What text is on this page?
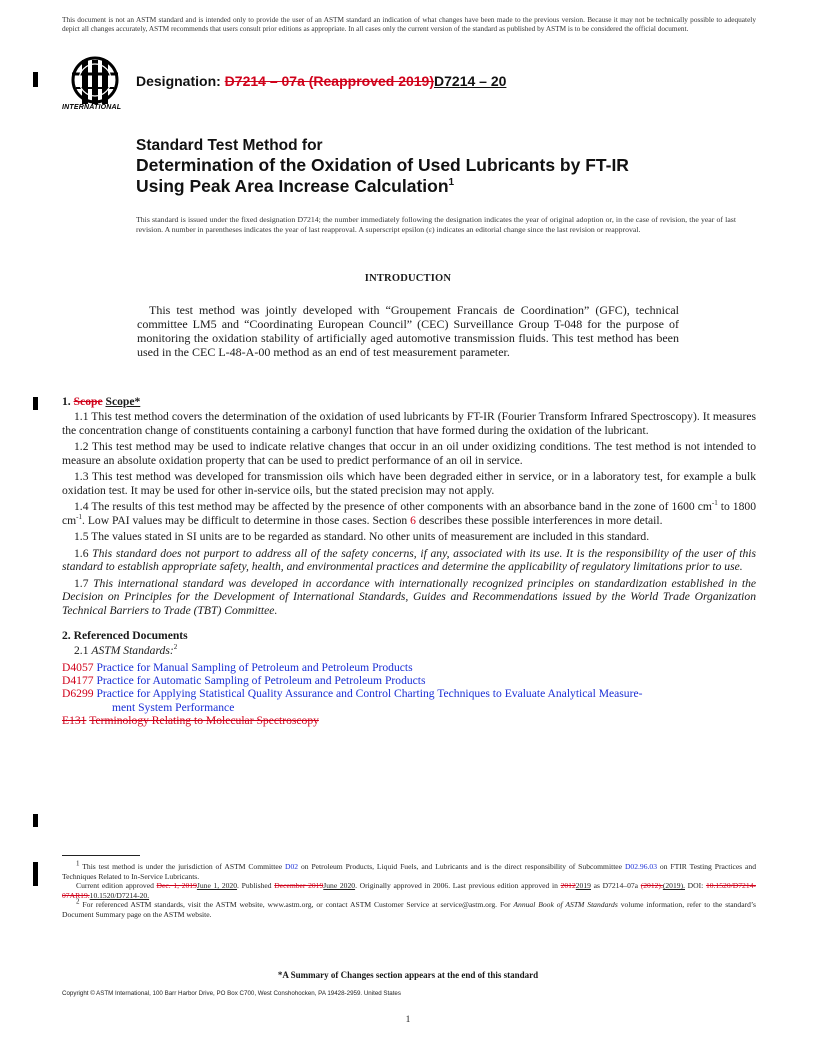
This document is not an ASTM standard and is intended only to provide the user of an ASTM standard an indication of what changes have been made to the previous version. Because it may not be technically possible to adequately depict all changes accurately, ASTM recommends that users consult prior editions as appropriate. In all cases only the current version of the standard as published by ASTM is to be considered the official document.
INTERNATIONAL
Designation: D7214 – 07a (Reapproved 2019)D7214 – 20
Standard Test Method for
Determination of the Oxidation of Used Lubricants by FT-IR
Using Peak Area Increase Calculation$^1$
This standard is issued under the fixed designation D7214; the number immediately following the designation indicates the year of original adoption or, in the case of revision, the year of last revision. A number in parentheses indicates the year of last reapproval. A superscript epsilon (ε) indicates an editorial change since the last revision or reapproval.
INTRODUCTION

This test method was jointly developed with “Groupement Francais de Coordination” (GFC), technical committee LM5 and “Coordinating European Council” (CEC) Surveillance Group T-048 for the purpose of monitoring the oxidation stability of artificially aged automotive transmission fluids. This test method has been used in the CEC L-48-A-00 method as an end of test measurement parameter.

1. Scope Scope*

1.1 This test method covers the determination of the oxidation of used lubricants by FT-IR (Fourier Transform Infrared Spectroscopy). It measures the concentration change of constituents containing a carbonyl function that have formed during the oxidation of the lubricant.

1.2 This test method may be used to indicate relative changes that occur in an oil under oxidizing conditions. The test method is not intended to measure an absolute oxidation property that can be used to predict performance of an oil in service.

1.3 This test method was developed for transmission oils which have been degraded either in service, or in a laboratory test, for example a bulk oxidation test. It may be used for other in-service oils, but the stated precision may not apply.

1.4 The results of this test method may be affected by the presence of other components with an absorbance band in the zone of 1600 $cm^{-1}$ to 1800 $cm^{-1}$. Low PAI values may be difficult to determine in those cases. Section 6 describes these possible interferences in more detail.

1.5 The values stated in SI units are to be regarded as standard. No other units of measurement are included in this standard.

1.6 This standard does not purport to address all of the safety concerns, if any, associated with its use. It is the responsibility of the user of this standard to establish appropriate safety, health, and environmental practices and determine the applicability of regulatory limitations prior to use.

1.7 This international standard was developed in accordance with internationally recognized principles on standardization established in the Decision on Principles for the Development of International Standards, Guides and Recommendations issued by the World Trade Organization Technical Barriers to Trade (TBT) Committee.

2. Referenced Documents

2.1 ASTM Standards:$^2$

D4057 Practice for Manual Sampling of Petroleum and Petroleum Products
D4177 Practice for Automatic Sampling of Petroleum and Petroleum Products
D6299 Practice for Applying Statistical Quality Assurance and Control Charting Techniques to Evaluate Analytical Measure-
ment System Performance
E131 Terminology Relating to Molecular Spectroscopy

1 This test method is under the jurisdiction of ASTM Committee D02 on Petroleum Products, Liquid Fuels, and Lubricants and is the direct responsibility of Subcommittee D02.96.03 on FTIR Testing Practices and Techniques Related to In-Service Lubricants.

Current edition approved Dec. 1, 2019June 1, 2020. Published December 2019June 2020. Originally approved in 2006. Last previous edition approved in 20122019 as D7214–07a (2012).(2019). DOI: 10.1520/D7214-07AR19.10.1520/D7214-20.

2 For referenced ASTM standards, visit the ASTM website, www.astm.org, or contact ASTM Customer Service at service@astm.org. For Annual Book of ASTM Standards volume information, refer to the standard’s Document Summary page on the ASTM website.

*A Summary of Changes section appears at the end of this standard
Copyright © ASTM International, 100 Barr Harbor Drive, PO Box C700, West Conshohocken, PA 19428-2959. United States
1
